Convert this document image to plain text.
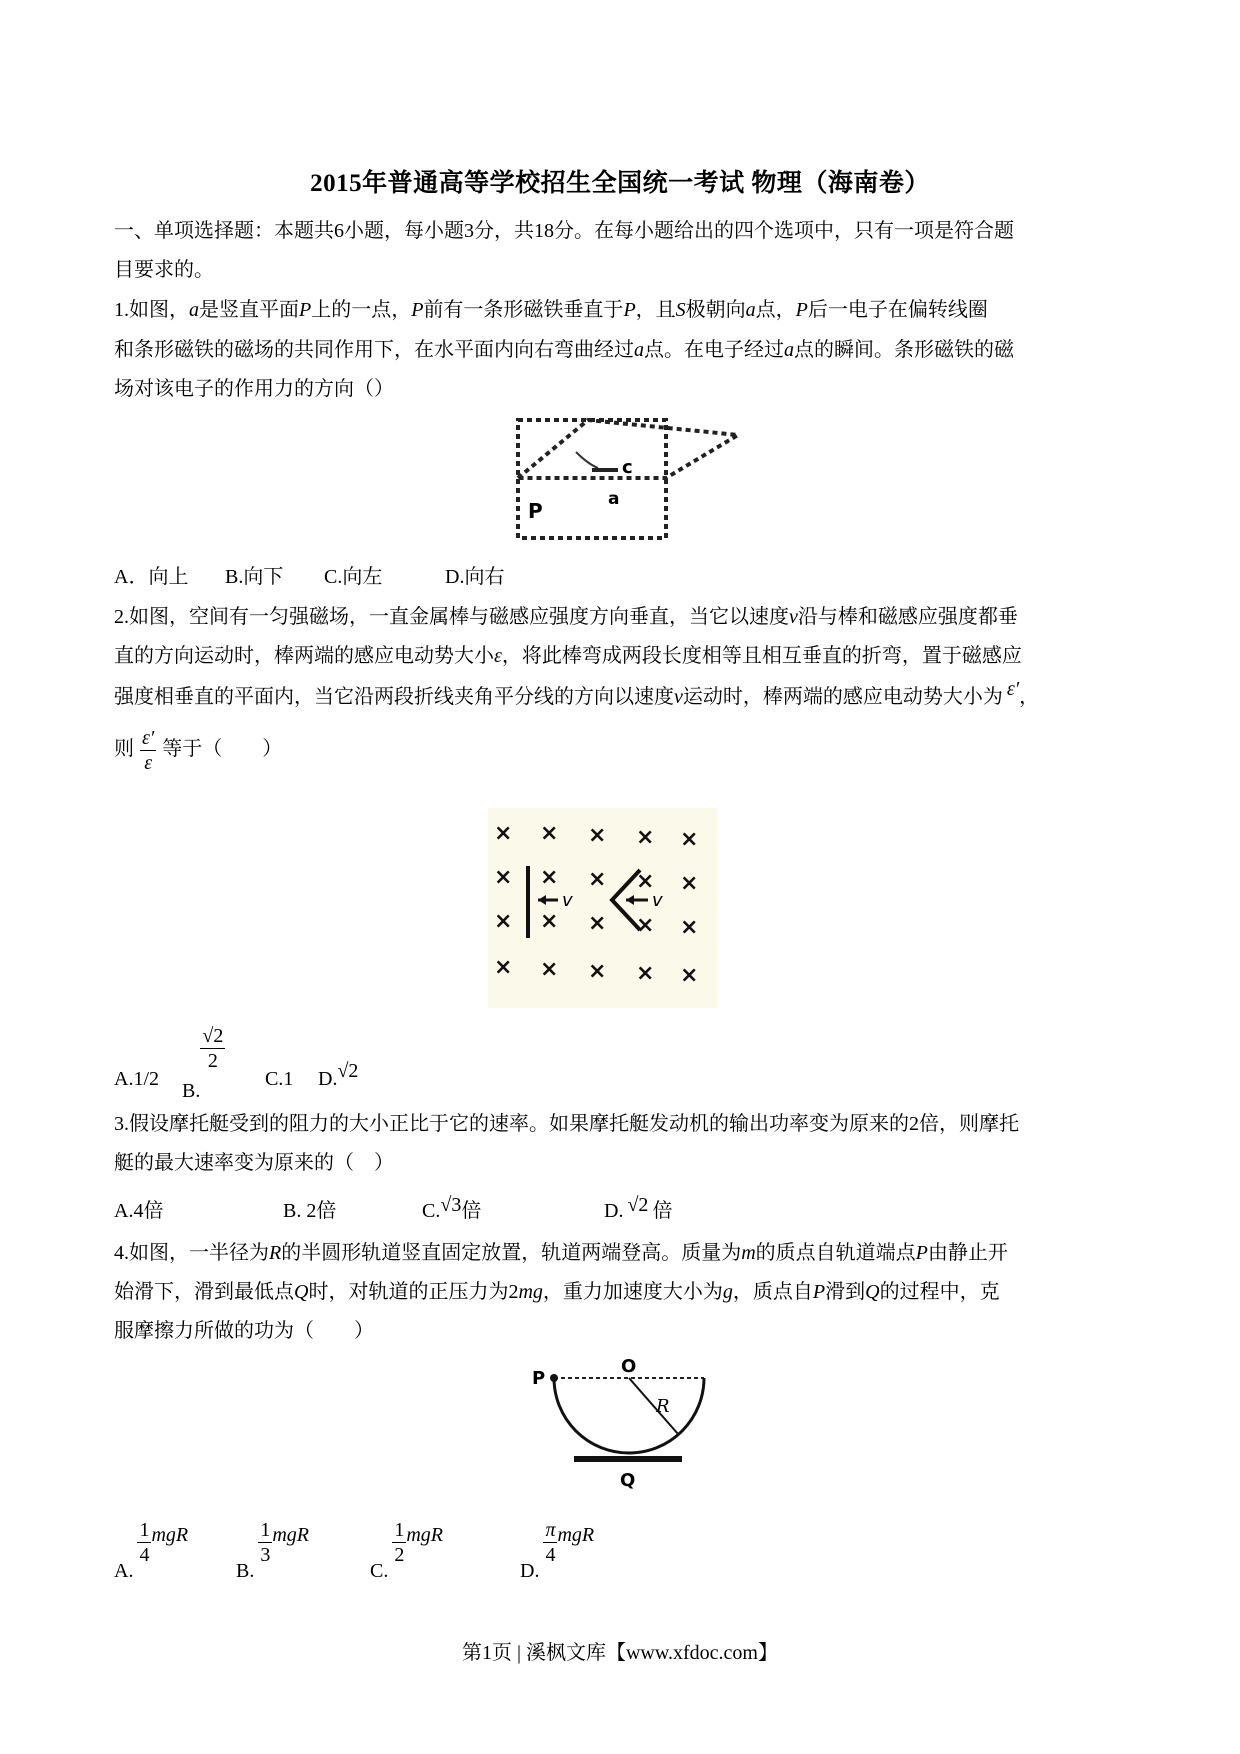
2015年普通高等学校招生全国统一考试 物理（海南卷）
一、单项选择题：本题共6小题，每小题3分，共18分。在每小题给出的四个选项中，只有一项是符合题
目要求的。
1.如图，a是竖直平面P上的一点，P前有一条形磁铁垂直于P，且S极朝向a点，P后一电子在偏转线圈
和条形磁铁的磁场的共同作用下，在水平面内向右弯曲经过a点。在电子经过a点的瞬间。条形磁铁的磁
场对该电子的作用力的方向（）
c
a
P
A．向上 B.向下 C.向左	D.向右
2.如图，空间有一匀强磁场，一直金属棒与磁感应强度方向垂直，当它以速度v沿与棒和磁感应强度都垂
直的方向运动时，棒两端的感应电动势大小ε，将此棒弯成两段长度相等且相互垂直的折弯，置于磁感应
强度相垂直的平面内，当它沿两段折线夹角平分线的方向以速度v运动时，棒两端的感应电动势大小为 ε′，
则 $\frac{\varepsilon'}{\varepsilon}$ 等于（　　）
× × × × ×
× × × × ×
× × × × ×
× × × × ×
v	v
A.1/2
B.
$\frac{√2}{2}$
C.1 D.√2
3.假设摩托艇受到的阻力的大小正比于它的速率。如果摩托艇发动机的输出功率变为原来的2倍，则摩托
艇的最大速率变为原来的（　）
A.4倍	B. 2倍	C.√3倍	D. √2 倍
4.如图，一半径为R的半圆形轨道竖直固定放置，轨道两端登高。质量为m的质点自轨道端点P由静止开
始滑下，滑到最低点Q时，对轨道的正压力为2mg，重力加速度大小为g，质点自P滑到Q的过程中，克
服摩擦力所做的功为（　　）
P
O
R
Q
A.
$\frac{1}{4}$ mgR
B.
$\frac{1}{3}$ mgR
C.
$\frac{1}{2}$ mgR
D.
$\frac{\pi}{4}$ mgR
第1页 | 溪枫文库【www.xfdoc.com】
